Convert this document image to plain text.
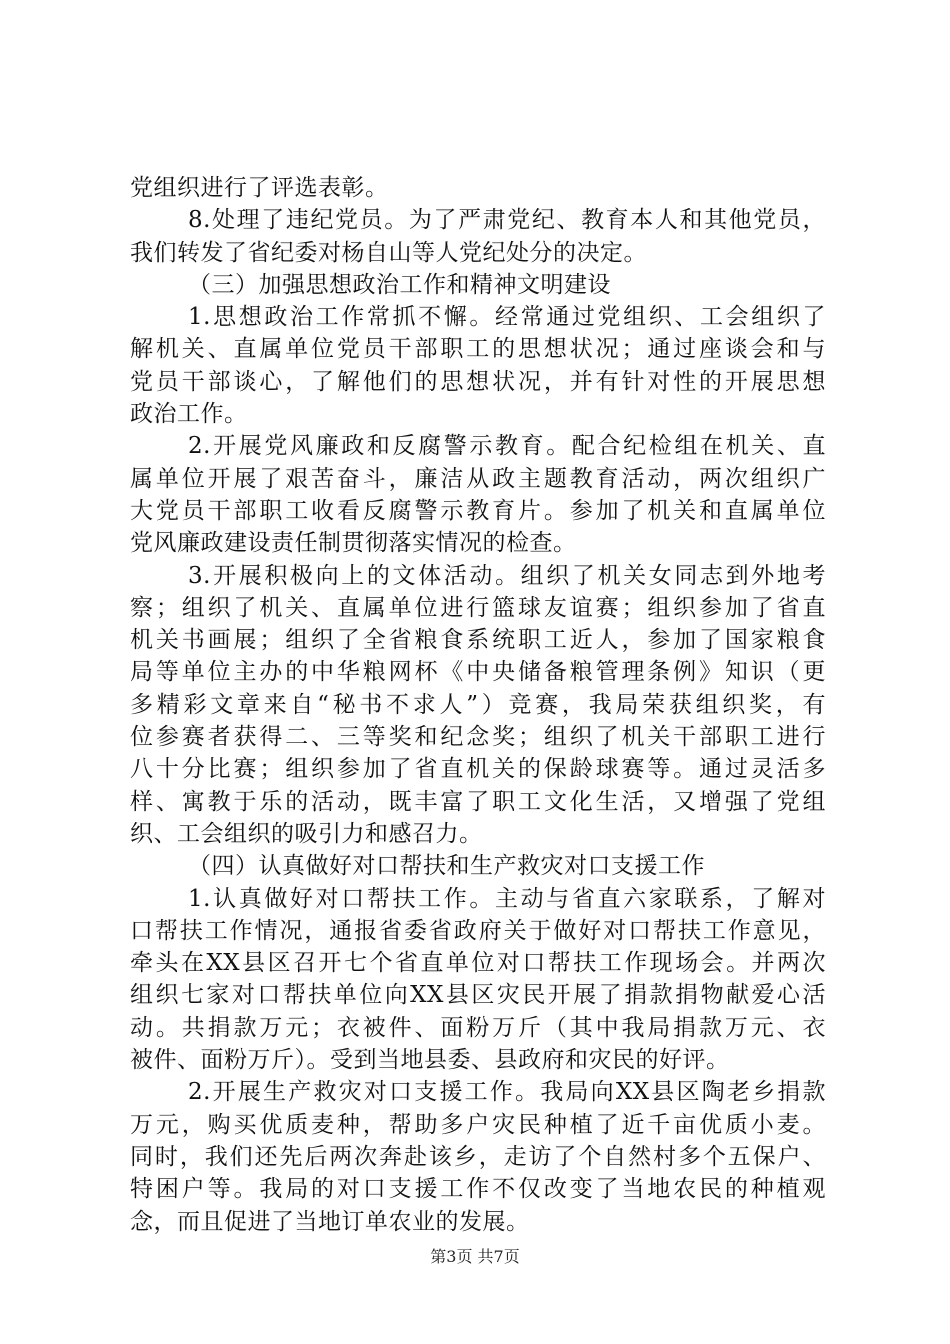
党组织进行了评选表彰。
8.处理了违纪党员。为了严肃党纪、教育本人和其他党员，
我们转发了省纪委对杨自山等人党纪处分的决定。
（三）加强思想政治工作和精神文明建设
1.思想政治工作常抓不懈。经常通过党组织、工会组织了
解机关、直属单位党员干部职工的思想状况；通过座谈会和与
党员干部谈心，了解他们的思想状况，并有针对性的开展思想
政治工作。
2.开展党风廉政和反腐警示教育。配合纪检组在机关、直
属单位开展了艰苦奋斗，廉洁从政主题教育活动，两次组织广
大党员干部职工收看反腐警示教育片。参加了机关和直属单位
党风廉政建设责任制贯彻落实情况的检查。
3.开展积极向上的文体活动。组织了机关女同志到外地考
察；组织了机关、直属单位进行篮球友谊赛；组织参加了省直
机关书画展；组织了全省粮食系统职工近人，参加了国家粮食
局等单位主办的中华粮网杯《中央储备粮管理条例》知识（更
多精彩文章来自“秘书不求人”）竞赛，我局荣获组织奖，有
位参赛者获得二、三等奖和纪念奖；组织了机关干部职工进行
八十分比赛；组织参加了省直机关的保龄球赛等。通过灵活多
样、寓教于乐的活动，既丰富了职工文化生活，又增强了党组
织、工会组织的吸引力和感召力。
（四）认真做好对口帮扶和生产救灾对口支援工作
1.认真做好对口帮扶工作。主动与省直六家联系，了解对
口帮扶工作情况，通报省委省政府关于做好对口帮扶工作意见，
牵头在XX县区召开七个省直单位对口帮扶工作现场会。并两次
组织七家对口帮扶单位向XX县区灾民开展了捐款捐物献爱心活
动。共捐款万元；衣被件、面粉万斤（其中我局捐款万元、衣
被件、面粉万斤）。受到当地县委、县政府和灾民的好评。
2.开展生产救灾对口支援工作。我局向XX县区陶老乡捐款
万元，购买优质麦种，帮助多户灾民种植了近千亩优质小麦。
同时，我们还先后两次奔赴该乡，走访了个自然村多个五保户、
特困户等。我局的对口支援工作不仅改变了当地农民的种植观
念，而且促进了当地订单农业的发展。
第3页 共7页
